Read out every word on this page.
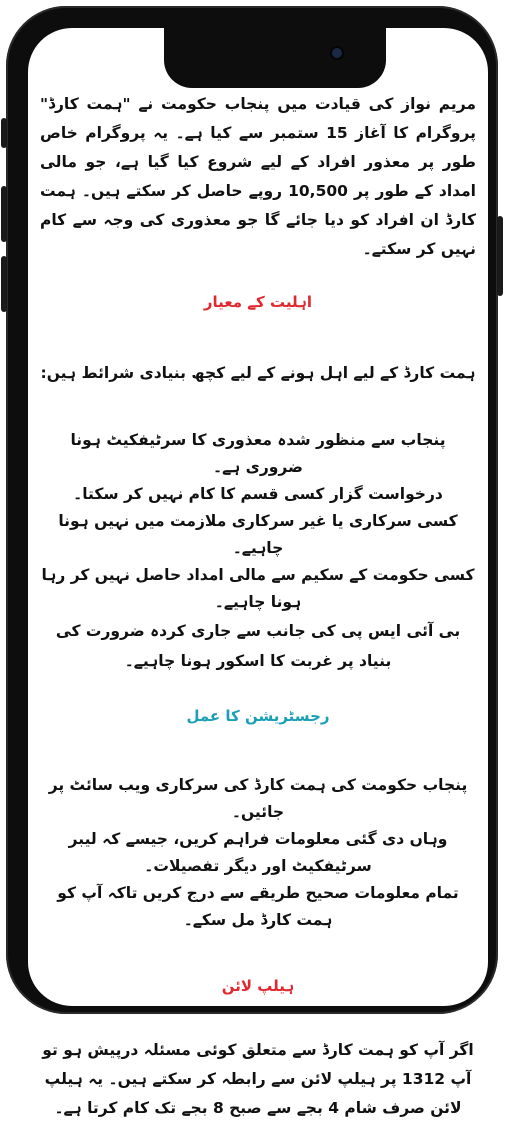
مریم نواز کی قیادت میں پنجاب حکومت نے "ہمت کارڈ" پروگرام کا آغاز 15 ستمبر سے کیا ہے۔ یہ پروگرام خاص طور پر معذور افراد کے لیے شروع کیا گیا ہے، جو مالی امداد کے طور پر 10,500 روپے حاصل کر سکتے ہیں۔ ہمت کارڈ ان افراد کو دیا جائے گا جو معذوری کی وجہ سے کام نہیں کر سکتے۔

اہلیت کے معیار

ہمت کارڈ کے لیے اہل ہونے کے لیے کچھ بنیادی شرائط ہیں:

پنجاب سے منظور شدہ معذوری کا سرٹیفکیٹ ہونا ضروری ہے۔

درخواست گزار کسی قسم کا کام نہیں کر سکتا۔

کسی سرکاری یا غیر سرکاری ملازمت میں نہیں ہونا چاہیے۔

کسی حکومت کے سکیم سے مالی امداد حاصل نہیں کر رہا ہونا چاہیے۔

بی آئی ایس پی کی جانب سے جاری کردہ ضرورت کی بنیاد پر غربت کا اسکور ہونا چاہیے۔

رجسٹریشن کا عمل

پنجاب حکومت کی ہمت کارڈ کی سرکاری ویب سائٹ پر جائیں۔

وہاں دی گئی معلومات فراہم کریں، جیسے کہ لیبر سرٹیفکیٹ اور دیگر تفصیلات۔

تمام معلومات صحیح طریقے سے درج کریں تاکہ آپ کو ہمت کارڈ مل سکے۔

ہیلپ لائن

اگر آپ کو ہمت کارڈ سے متعلق کوئی مسئلہ درپیش ہو تو آپ 1312 پر ہیلپ لائن سے رابطہ کر سکتے ہیں۔ یہ ہیلپ لائن صرف شام 4 بجے سے صبح 8 بجے تک کام کرتا ہے۔
